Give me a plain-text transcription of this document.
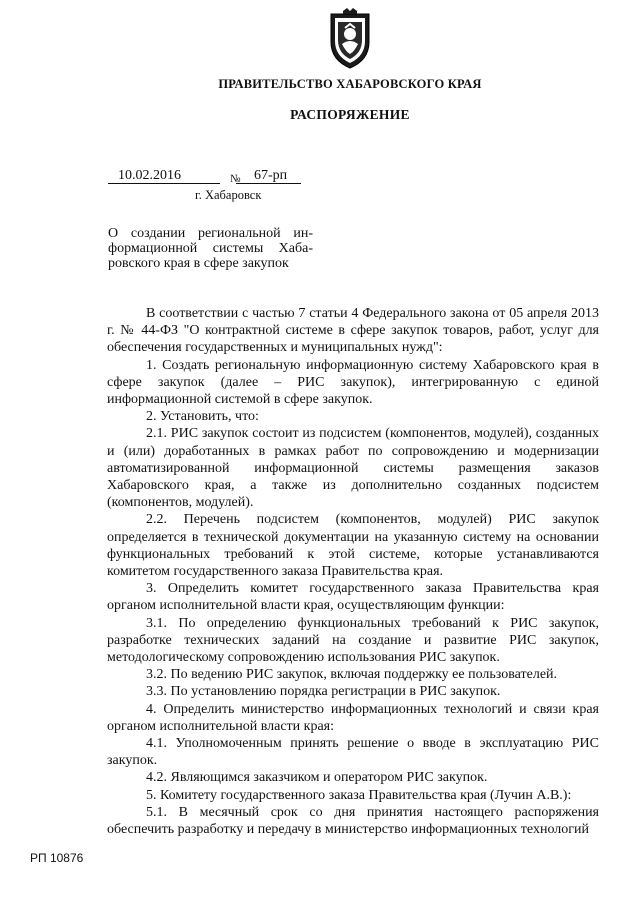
ПРАВИТЕЛЬСТВО ХАБАРОВСКОГО КРАЯ
РАСПОРЯЖЕНИЕ
10.02.2016	№ 67-рп
г. Хабаровск
О создании региональной ин-
формационной системы Хаба-
ровского края в сфере закупок

В соответствии с частью 7 статьи 4 Федерального закона от 05 апреля 2013 г. № 44-ФЗ "О контрактной системе в сфере закупок товаров, работ, услуг для обеспечения государственных и муниципальных нужд":

1. Создать региональную информационную систему Хабаровского края в сфере закупок (далее – РИС закупок), интегрированную с единой информационной системой в сфере закупок.

2. Установить, что:

2.1. РИС закупок состоит из подсистем (компонентов, модулей), созданных и (или) доработанных в рамках работ по сопровождению и модернизации автоматизированной информационной системы размещения заказов Хабаровского края, а также из дополнительно созданных подсистем (компонентов, модулей).

2.2. Перечень подсистем (компонентов, модулей) РИС закупок определяется в технической документации на указанную систему на основании функциональных требований к этой системе, которые устанавливаются комитетом государственного заказа Правительства края.

3. Определить комитет государственного заказа Правительства края органом исполнительной власти края, осуществляющим функции:

3.1. По определению функциональных требований к РИС закупок, разработке технических заданий на создание и развитие РИС закупок, методологическому сопровождению использования РИС закупок.

3.2. По ведению РИС закупок, включая поддержку ее пользователей.

3.3. По установлению порядка регистрации в РИС закупок.

4. Определить министерство информационных технологий и связи края органом исполнительной власти края:

4.1. Уполномоченным принять решение о вводе в эксплуатацию РИС закупок.

4.2. Являющимся заказчиком и оператором РИС закупок.

5. Комитету государственного заказа Правительства края (Лучин А.В.):

5.1. В месячный срок со дня принятия настоящего распоряжения обеспечить разработку и передачу в министерство информационных технологий

РП 10876
